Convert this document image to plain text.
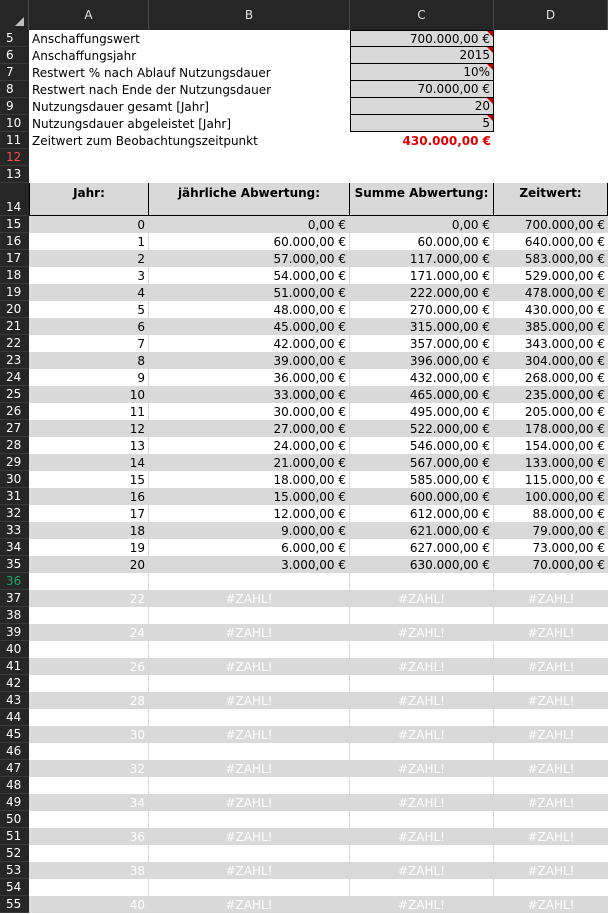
A	B	C	D
5	Anschaffungswert	700.000,00 €
6	Anschaffungsjahr	2015
7	Restwert % nach Ablauf Nutzungsdauer	10%
8	Restwert nach Ende der Nutzungsdauer	70.000,00 €
9	Nutzungsdauer gesamt [Jahr]	20
10 Nutzungsdauer abgeleistet [Jahr]	5
11 Zeitwert zum Beobachtungszeitpunkt	430.000,00 €
12
13
14
Jahr:	jährliche Abwertung:	Summe Abwertung:	Zeitwert:
15	0	0,00 €	0,00 €	700.000,00 €
16	1	60.000,00 €	60.000,00 €	640.000,00 €
17	2	57.000,00 €	117.000,00 €	583.000,00 €
18	3	54.000,00 €	171.000,00 €	529.000,00 €
19	4	51.000,00 €	222.000,00 €	478.000,00 €
20	5	48.000,00 €	270.000,00 €	430.000,00 €
21	6	45.000,00 €	315.000,00 €	385.000,00 €
22	7	42.000,00 €	357.000,00 €	343.000,00 €
23	8	39.000,00 €	396.000,00 €	304.000,00 €
24	9	36.000,00 €	432.000,00 €	268.000,00 €
25	10	33.000,00 €	465.000,00 €	235.000,00 €
26	11	30.000,00 €	495.000,00 €	205.000,00 €
27	12	27.000,00 €	522.000,00 €	178.000,00 €
28	13	24.000,00 €	546.000,00 €	154.000,00 €
29	14	21.000,00 €	567.000,00 €	133.000,00 €
30	15	18.000,00 €	585.000,00 €	115.000,00 €
31	16	15.000,00 €	600.000,00 €	100.000,00 €
32	17	12.000,00 €	612.000,00 €	88.000,00 €
33	18	9.000,00 €	621.000,00 €	79.000,00 €
34	19	6.000,00 €	627.000,00 €	73.000,00 €
35	20	3.000,00 €	630.000,00 €	70.000,00 €
36
37	22	#ZAHL!	#ZAHL!	#ZAHL!
38
39	24	#ZAHL!	#ZAHL!	#ZAHL!
40
41	26	#ZAHL!	#ZAHL!	#ZAHL!
42
43	28	#ZAHL!	#ZAHL!	#ZAHL!
44
45	30	#ZAHL!	#ZAHL!	#ZAHL!
46
47	32	#ZAHL!	#ZAHL!	#ZAHL!
48
49	34	#ZAHL!	#ZAHL!	#ZAHL!
50
51	36	#ZAHL!	#ZAHL!	#ZAHL!
52
53	38	#ZAHL!	#ZAHL!	#ZAHL!
54
55	40	#ZAHL!	#ZAHL!	#ZAHL!
